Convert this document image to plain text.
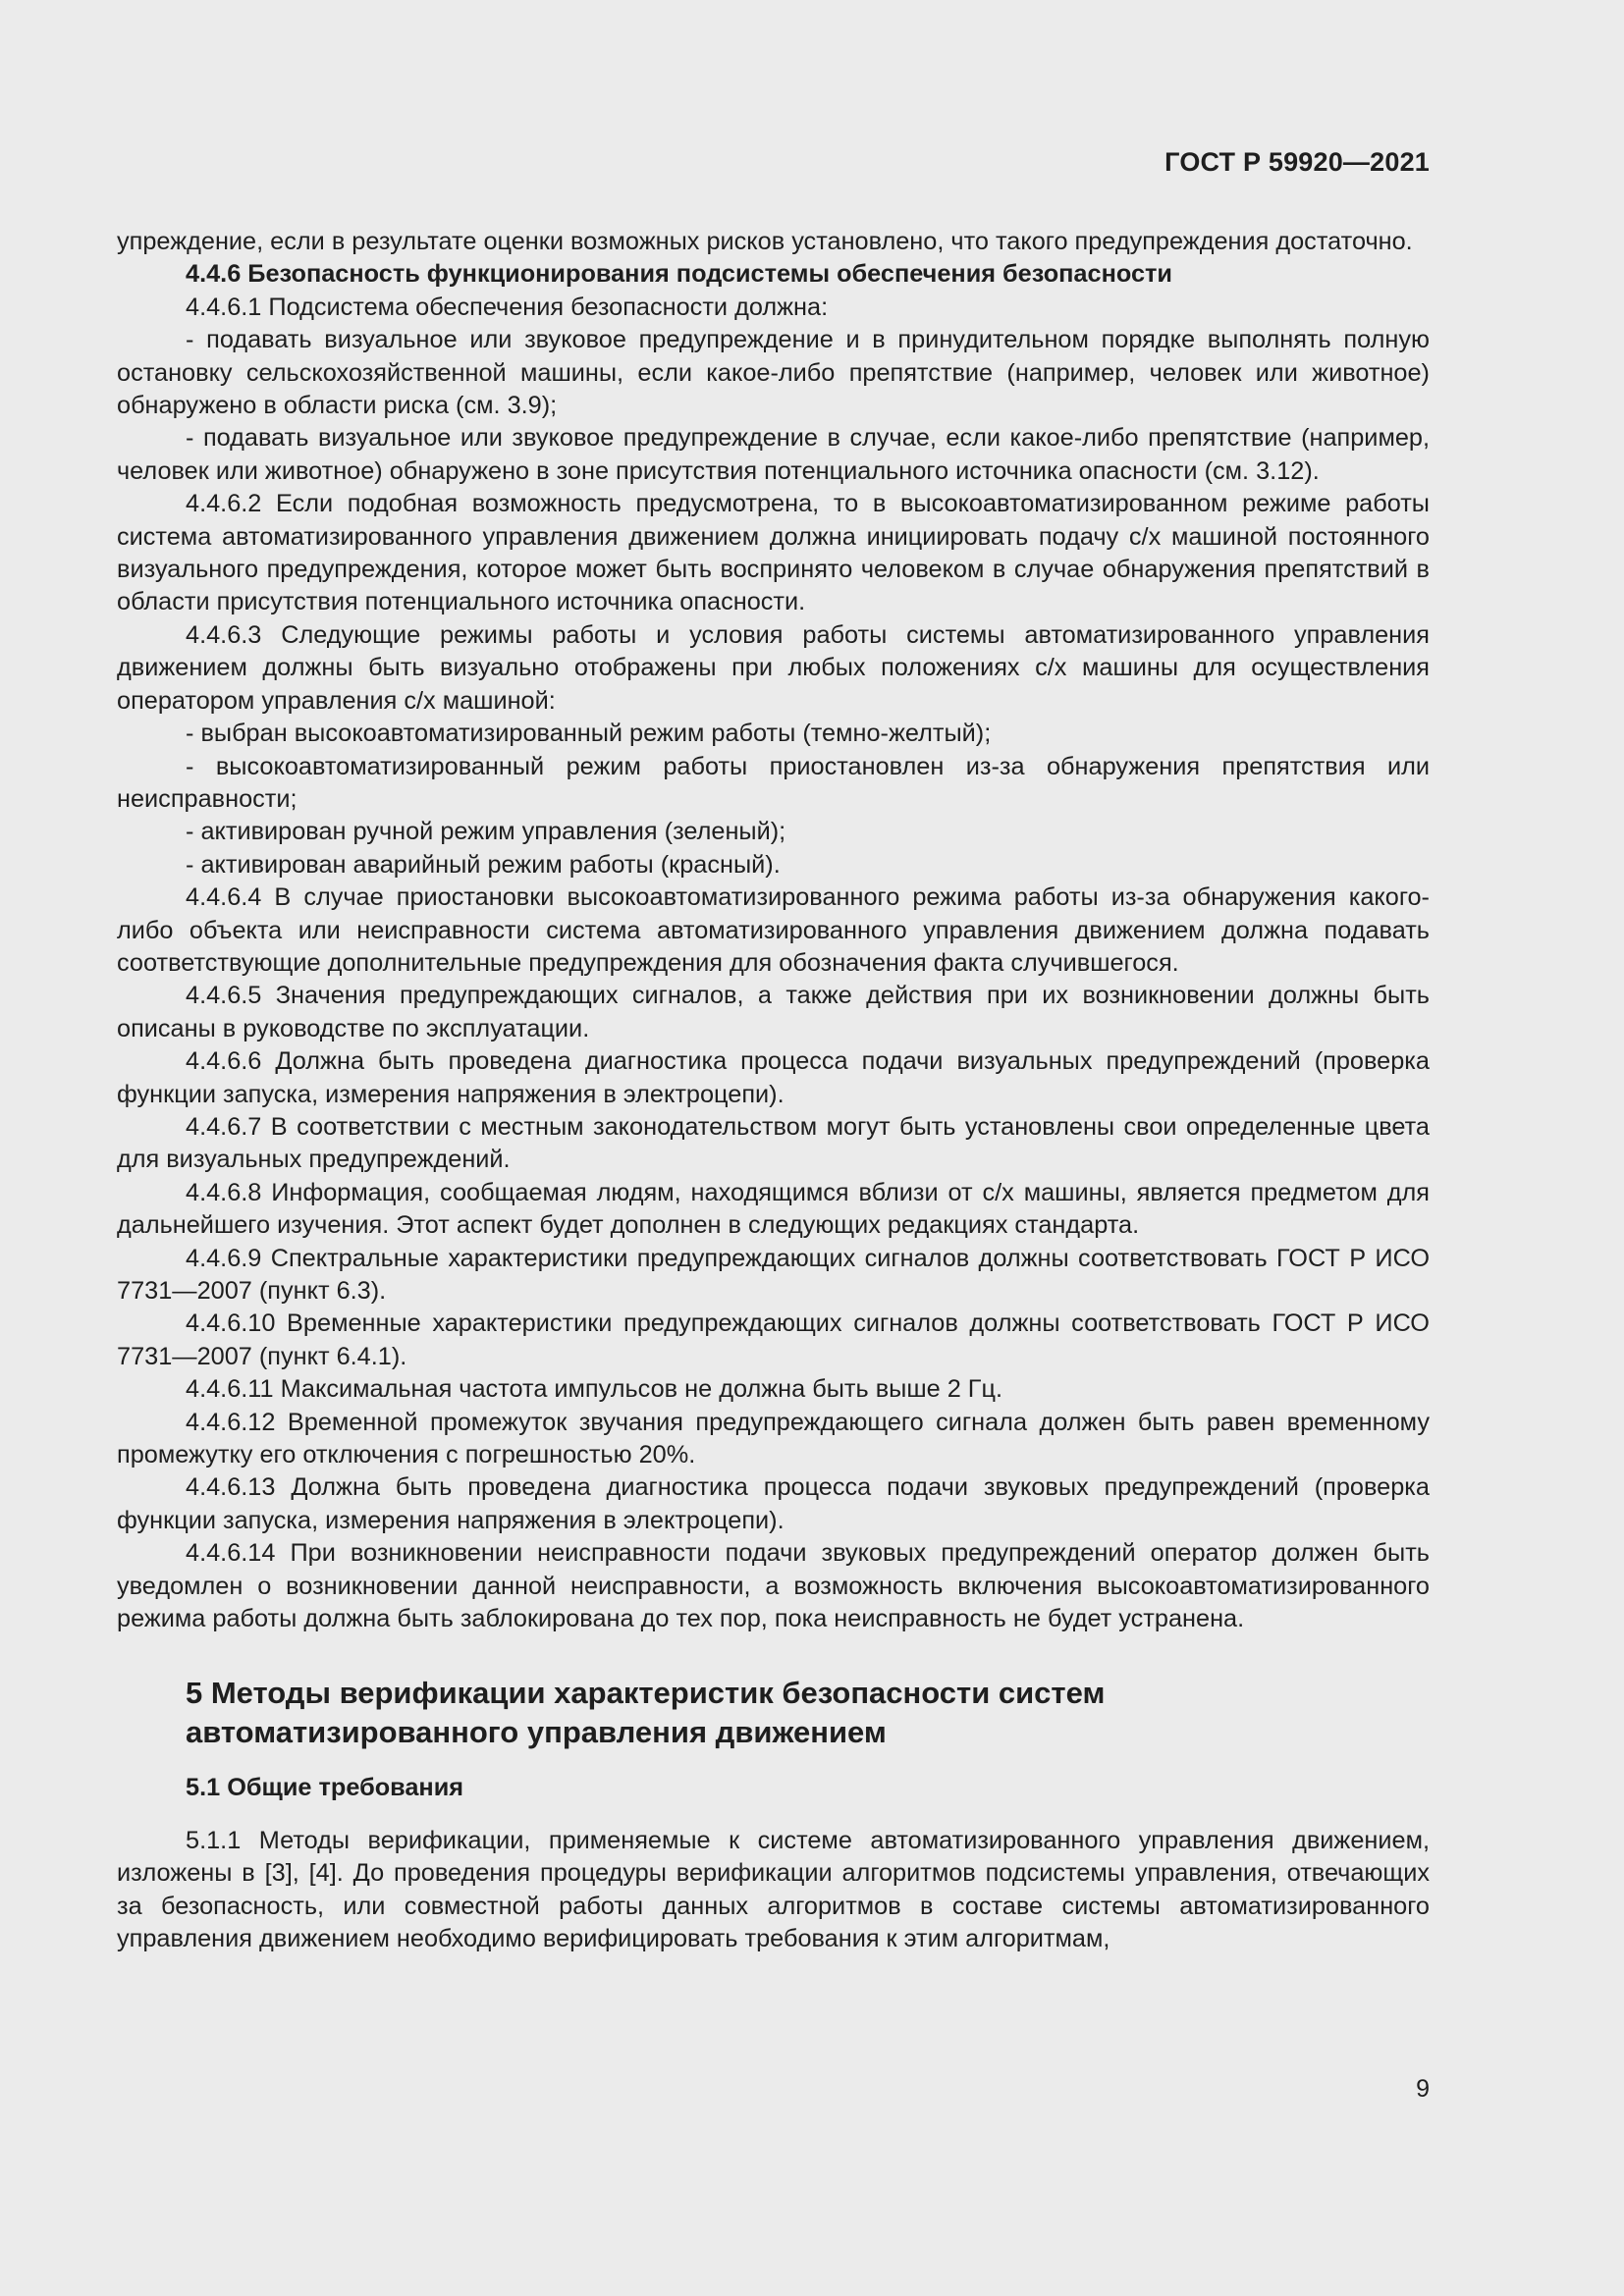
ГОСТ Р 59920—2021

упреждение, если в результате оценки возможных рисков установлено, что такого предупреждения достаточно.

4.4.6 Безопасность функционирования подсистемы обеспечения безопасности

4.4.6.1 Подсистема обеспечения безопасности должна:

- подавать визуальное или звуковое предупреждение и в принудительном порядке выполнять полную остановку сельскохозяйственной машины, если какое-либо препятствие (например, человек или животное) обнаружено в области риска (см. 3.9);

- подавать визуальное или звуковое предупреждение в случае, если какое-либо препятствие (например, человек или животное) обнаружено в зоне присутствия потенциального источника опасности (см. 3.12).

4.4.6.2 Если подобная возможность предусмотрена, то в высокоавтоматизированном режиме работы система автоматизированного управления движением должна инициировать подачу с/х машиной постоянного визуального предупреждения, которое может быть воспринято человеком в случае обнаружения препятствий в области присутствия потенциального источника опасности.

4.4.6.3 Следующие режимы работы и условия работы системы автоматизированного управления движением должны быть визуально отображены при любых положениях с/х машины для осуществления оператором управления с/х машиной:

- выбран высокоавтоматизированный режим работы (темно-желтый);

- высокоавтоматизированный режим работы приостановлен из-за обнаружения препятствия или неисправности;

- активирован ручной режим управления (зеленый);

- активирован аварийный режим работы (красный).

4.4.6.4 В случае приостановки высокоавтоматизированного режима работы из-за обнаружения какого-либо объекта или неисправности система автоматизированного управления движением должна подавать соответствующие дополнительные предупреждения для обозначения факта случившегося.

4.4.6.5 Значения предупреждающих сигналов, а также действия при их возникновении должны быть описаны в руководстве по эксплуатации.

4.4.6.6 Должна быть проведена диагностика процесса подачи визуальных предупреждений (проверка функции запуска, измерения напряжения в электроцепи).

4.4.6.7 В соответствии с местным законодательством могут быть установлены свои определенные цвета для визуальных предупреждений.

4.4.6.8 Информация, сообщаемая людям, находящимся вблизи от с/х машины, является предметом для дальнейшего изучения. Этот аспект будет дополнен в следующих редакциях стандарта.

4.4.6.9 Спектральные характеристики предупреждающих сигналов должны соответствовать ГОСТ Р ИСО 7731—2007 (пункт 6.3).

4.4.6.10 Временные характеристики предупреждающих сигналов должны соответствовать ГОСТ Р ИСО 7731—2007 (пункт 6.4.1).

4.4.6.11 Максимальная частота импульсов не должна быть выше 2 Гц.

4.4.6.12 Временной промежуток звучания предупреждающего сигнала должен быть равен временному промежутку его отключения с погрешностью 20%.

4.4.6.13 Должна быть проведена диагностика процесса подачи звуковых предупреждений (проверка функции запуска, измерения напряжения в электроцепи).

4.4.6.14 При возникновении неисправности подачи звуковых предупреждений оператор должен быть уведомлен о возникновении данной неисправности, а возможность включения высокоавтоматизированного режима работы должна быть заблокирована до тех пор, пока неисправность не будет устранена.

5 Методы верификации характеристик безопасности систем автоматизированного управления движением

5.1 Общие требования

5.1.1 Методы верификации, применяемые к системе автоматизированного управления движением, изложены в [3], [4]. До проведения процедуры верификации алгоритмов подсистемы управления, отвечающих за безопасность, или совместной работы данных алгоритмов в составе системы автоматизированного управления движением необходимо верифицировать требования к этим алгоритмам,

9
